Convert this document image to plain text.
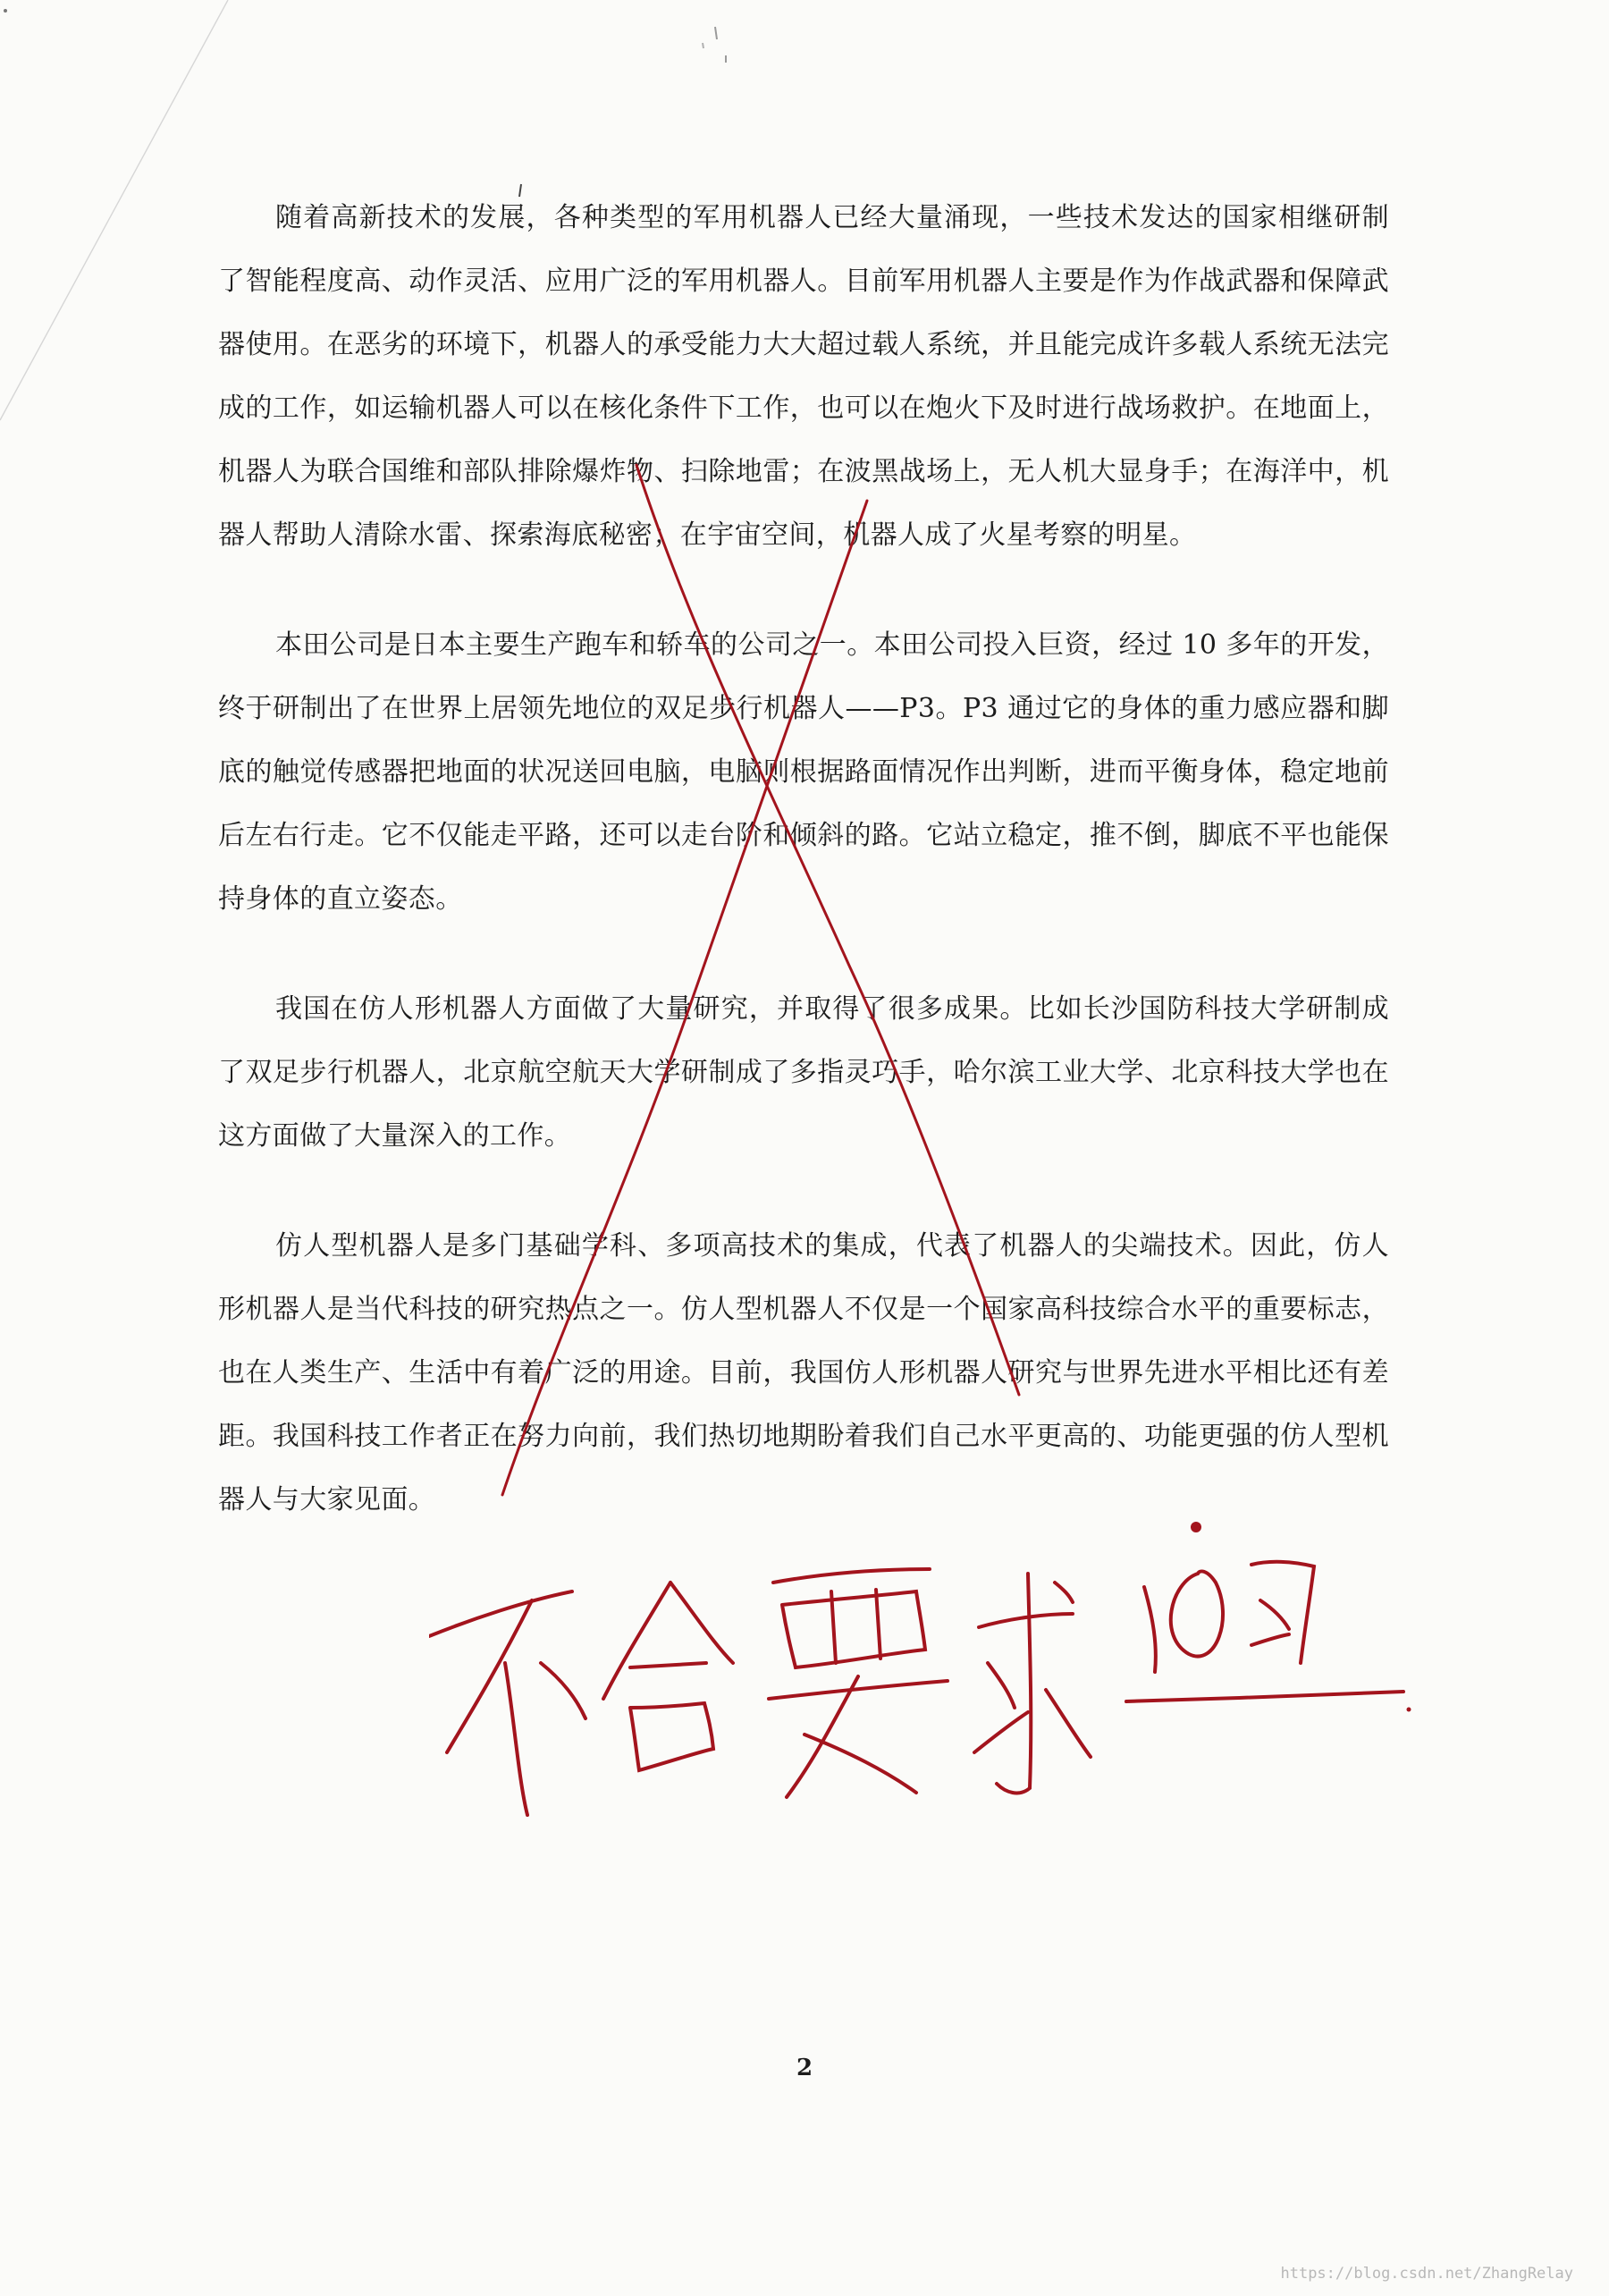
随着高新技术的发展，各种类型的军用机器人已经大量涌现，一些技术发达的国家相继研制了智能程度高、动作灵活、应用广泛的军用机器人。目前军用机器人主要是作为作战武器和保障武器使用。在恶劣的环境下，机器人的承受能力大大超过载人系统，并且能完成许多载人系统无法完成的工作，如运输机器人可以在核化条件下工作，也可以在炮火下及时进行战场救护。在地面上，机器人为联合国维和部队排除爆炸物、扫除地雷；在波黑战场上，无人机大显身手；在海洋中，机器人帮助人清除水雷、探索海底秘密；在宇宙空间，机器人成了火星考察的明星。

本田公司是日本主要生产跑车和轿车的公司之一。本田公司投入巨资，经过 10 多年的开发，终于研制出了在世界上居领先地位的双足步行机器人——P3。P3 通过它的身体的重力感应器和脚底的触觉传感器把地面的状况送回电脑，电脑则根据路面情况作出判断，进而平衡身体，稳定地前后左右行走。它不仅能走平路，还可以走台阶和倾斜的路。它站立稳定，推不倒，脚底不平也能保持身体的直立姿态。

我国在仿人形机器人方面做了大量研究，并取得了很多成果。比如长沙国防科技大学研制成了双足步行机器人，北京航空航天大学研制成了多指灵巧手，哈尔滨工业大学、北京科技大学也在这方面做了大量深入的工作。

仿人型机器人是多门基础学科、多项高技术的集成，代表了机器人的尖端技术。因此，仿人形机器人是当代科技的研究热点之一。仿人型机器人不仅是一个国家高科技综合水平的重要标志，也在人类生产、生活中有着广泛的用途。目前，我国仿人形机器人研究与世界先进水平相比还有差距。我国科技工作者正在努力向前，我们热切地期盼着我们自己水平更高的、功能更强的仿人型机器人与大家见面。

2
https://blog.csdn.net/ZhangRelay
